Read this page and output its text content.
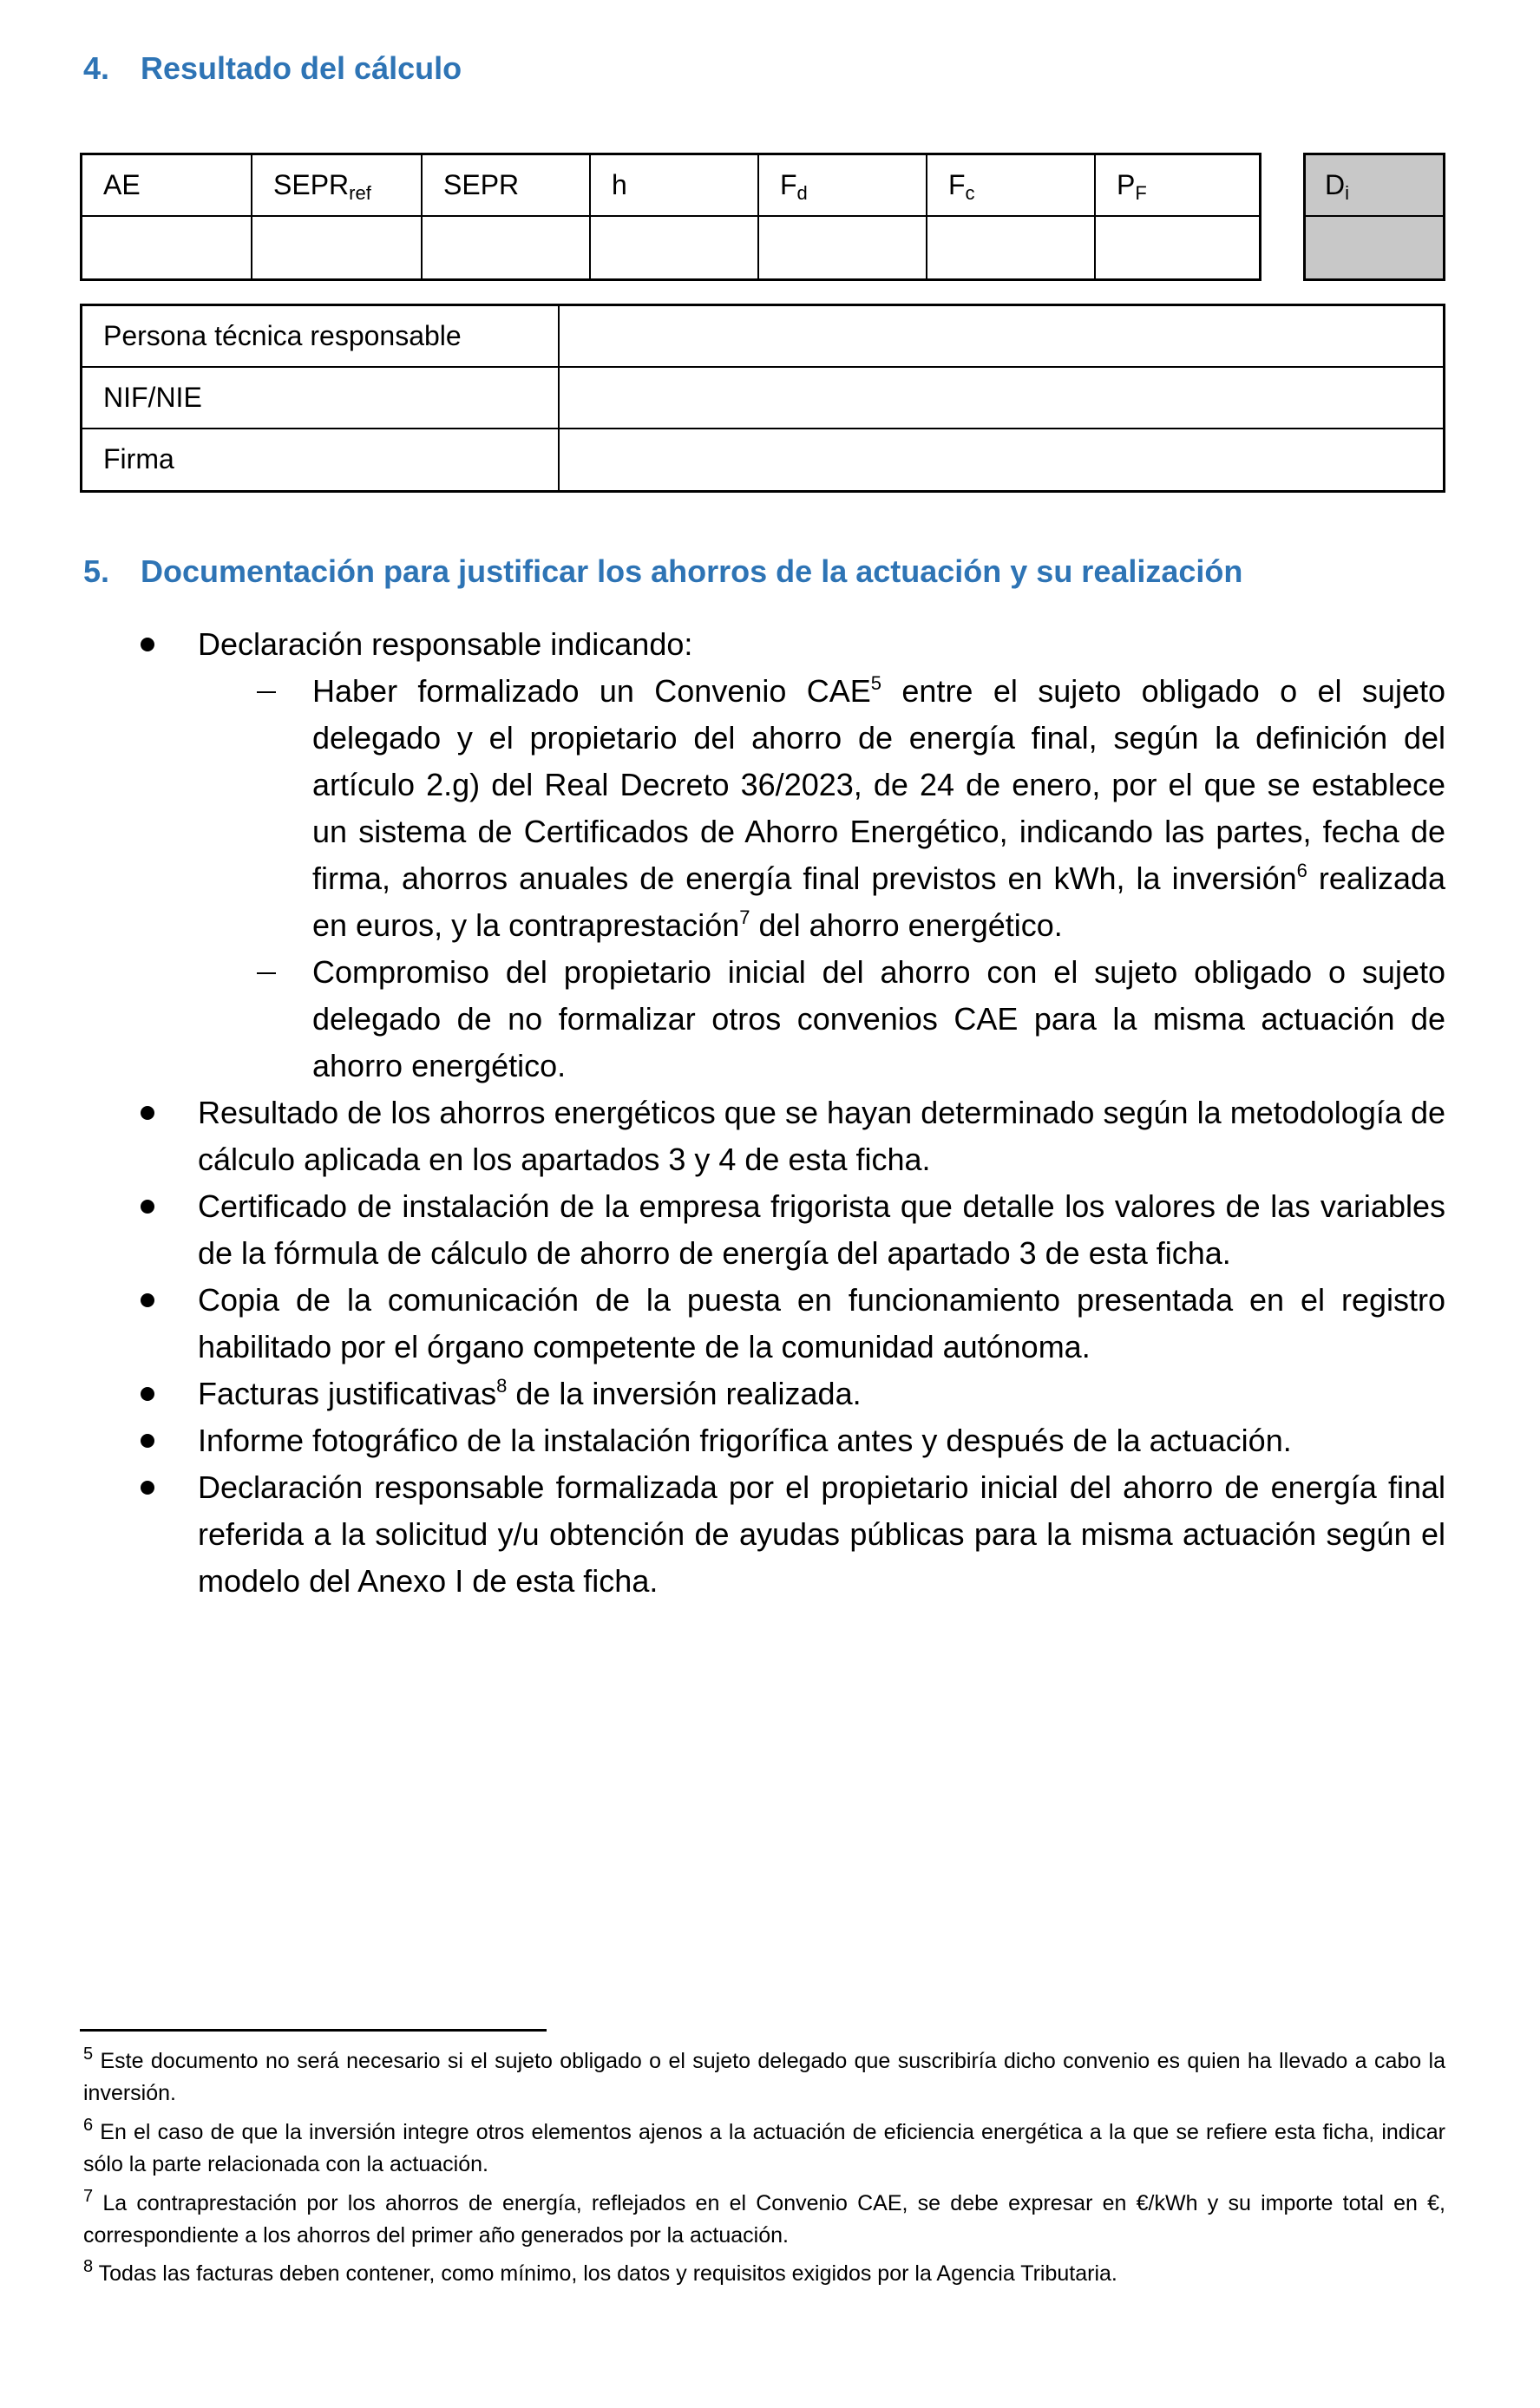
4. Resultado del cálculo
AE	$SEPR_{ref}$	SEPR	h	$F_d$	$F_c$	$P_F$	$D_i$
Persona técnica responsable
NIF/NIE
Firma
5. Documentación para justificar los ahorros de la actuación y su realización
Declaración responsable indicando:
Haber formalizado un Convenio CAE$^5$ entre el sujeto obligado o el sujeto delegado y el propietario del ahorro de energía final, según la definición del artículo 2.g) del Real Decreto 36/2023, de 24 de enero, por el que se establece un sistema de Certificados de Ahorro Energético, indicando las partes, fecha de firma, ahorros anuales de energía final previstos en kWh, la inversión$^6$ realizada en euros, y la contraprestación$^7$ del ahorro energético.
Compromiso del propietario inicial del ahorro con el sujeto obligado o sujeto delegado de no formalizar otros convenios CAE para la misma actuación de ahorro energético.
Resultado de los ahorros energéticos que se hayan determinado según la metodología de cálculo aplicada en los apartados 3 y 4 de esta ficha.
Certificado de instalación de la empresa frigorista que detalle los valores de las variables de la fórmula de cálculo de ahorro de energía del apartado 3 de esta ficha.
Copia de la comunicación de la puesta en funcionamiento presentada en el registro habilitado por el órgano competente de la comunidad autónoma.
Facturas justificativas$^8$ de la inversión realizada.
Informe fotográfico de la instalación frigorífica antes y después de la actuación.
Declaración responsable formalizada por el propietario inicial del ahorro de energía final referida a la solicitud y/u obtención de ayudas públicas para la misma actuación según el modelo del Anexo I de esta ficha.
$^5$ Este documento no será necesario si el sujeto obligado o el sujeto delegado que suscribiría dicho convenio es quien ha llevado a cabo la inversión.
$^6$ En el caso de que la inversión integre otros elementos ajenos a la actuación de eficiencia energética a la que se refiere esta ficha, indicar sólo la parte relacionada con la actuación.
$^7$ La contraprestación por los ahorros de energía, reflejados en el Convenio CAE, se debe expresar en €/kWh y su importe total en €, correspondiente a los ahorros del primer año generados por la actuación.
$^8$ Todas las facturas deben contener, como mínimo, los datos y requisitos exigidos por la Agencia Tributaria.
